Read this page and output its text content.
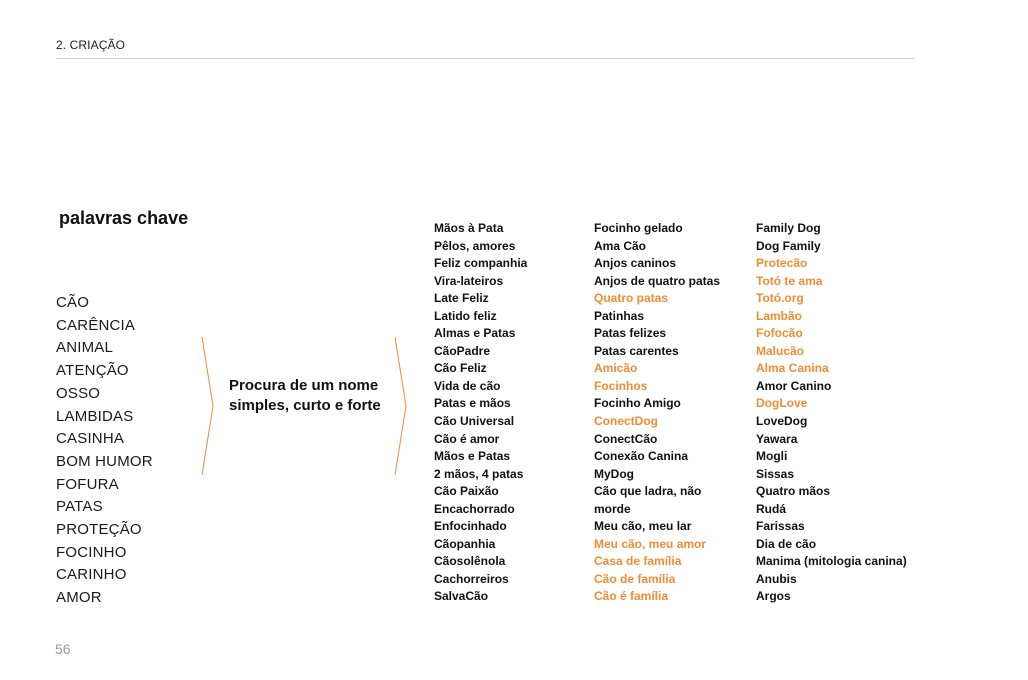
2. CRIAÇÃO
palavras chave
CÃO
CARÊNCIA
ANIMAL
ATENÇÃO
OSSO
LAMBIDAS
CASINHA
BOM HUMOR
FOFURA
PATAS
PROTEÇÃO
FOCINHO
CARINHO
AMOR
Procura de um nome
simples, curto e forte
Mãos à Pata
Pêlos, amores
Feliz companhia
Vira-lateiros
Late Feliz
Latido feliz
Almas e Patas
CãoPadre
Cão Feliz
Vida de cão
Patas e mãos
Cão Universal
Cão é amor
Mãos e Patas
2 mãos, 4 patas
Cão Paixão
Encachorrado
Enfocinhado
Cãopanhia
Cãosolênola
Cachorreiros
SalvaCão
Focinho gelado
Ama Cão
Anjos caninos
Anjos de quatro patas
Quatro patas
Patinhas
Patas felizes
Patas carentes
Amicão
Focinhos
Focinho Amigo
ConectDog
ConectCão
Conexão Canina
MyDog
Cão que ladra, não
morde
Meu cão, meu lar
Meu cão, meu amor
Casa de família
Cão de família
Cão é família
Family Dog
Dog Family
Protecão
Totó te ama
Totó.org
Lambão
Fofocão
Malucão
Alma Canina
Amor Canino
DogLove
LoveDog
Yawara
Mogli
Sissas
Quatro mãos
Rudá
Farissas
Dia de cão
Manima (mitologia canina)
Anubis
Argos
56
